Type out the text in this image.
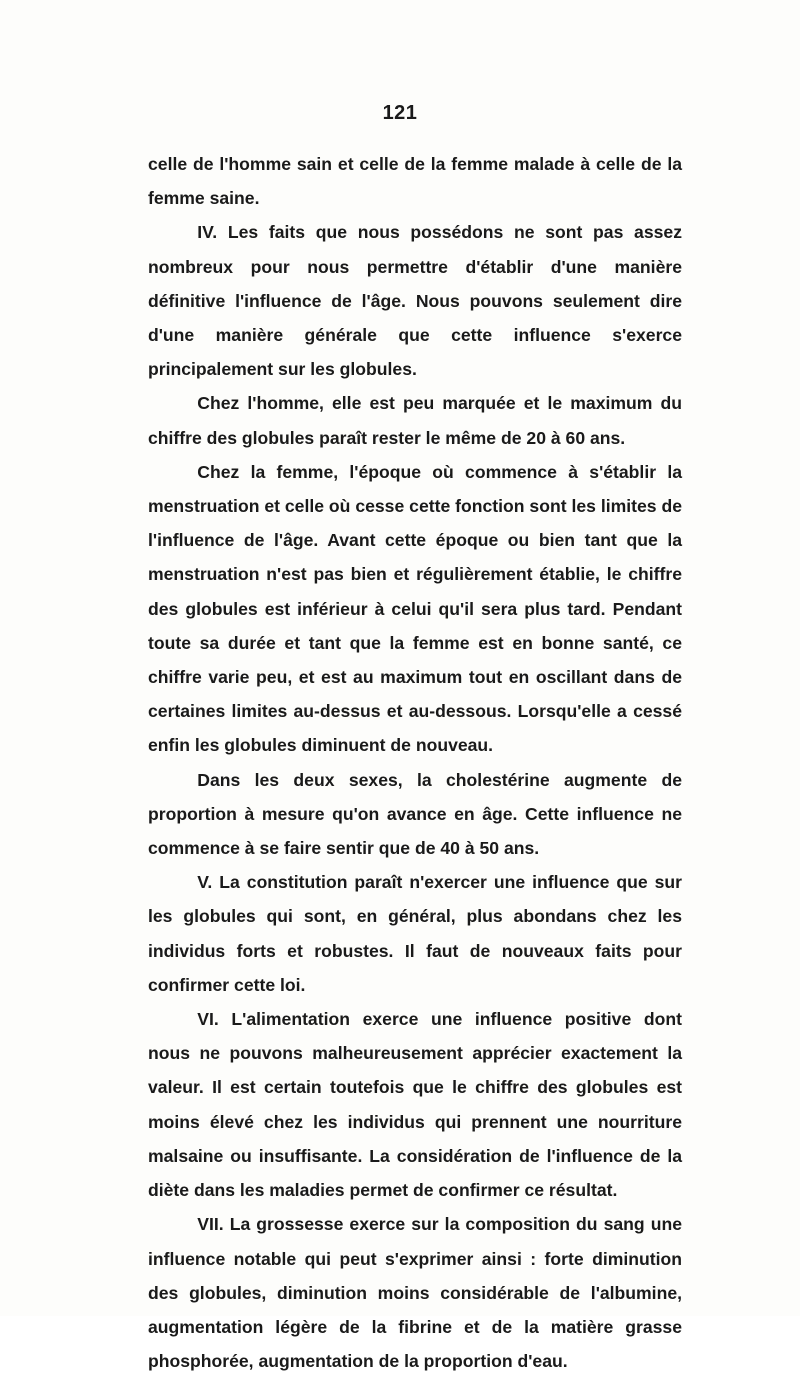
121

celle de l'homme sain et celle de la femme malade à celle de la femme saine.

IV. Les faits que nous possédons ne sont pas assez nombreux pour nous permettre d'établir d'une manière définitive l'influence de l'âge. Nous pouvons seulement dire d'une manière générale que cette influence s'exerce principalement sur les globules.

Chez l'homme, elle est peu marquée et le maximum du chiffre des globules paraît rester le même de 20 à 60 ans.

Chez la femme, l'époque où commence à s'établir la menstruation et celle où cesse cette fonction sont les limites de l'influence de l'âge. Avant cette époque ou bien tant que la menstruation n'est pas bien et régulièrement établie, le chiffre des globules est inférieur à celui qu'il sera plus tard. Pendant toute sa durée et tant que la femme est en bonne santé, ce chiffre varie peu, et est au maximum tout en oscillant dans de certaines limites au-dessus et au-dessous. Lorsqu'elle a cessé enfin les globules diminuent de nouveau.

Dans les deux sexes, la cholestérine augmente de proportion à mesure qu'on avance en âge. Cette influence ne commence à se faire sentir que de 40 à 50 ans.

V. La constitution paraît n'exercer une influence que sur les globules qui sont, en général, plus abondans chez les individus forts et robustes. Il faut de nouveaux faits pour confirmer cette loi.

VI. L'alimentation exerce une influence positive dont nous ne pouvons malheureusement apprécier exactement la valeur. Il est certain toutefois que le chiffre des globules est moins élevé chez les individus qui prennent une nourriture malsaine ou insuffisante. La considération de l'influence de la diète dans les maladies permet de confirmer ce résultat.

VII. La grossesse exerce sur la composition du sang une influence notable qui peut s'exprimer ainsi : forte diminution des globules, diminution moins considérable de l'albumine, augmentation légère de la fibrine et de la matière grasse phosphorée, augmentation de la proportion d'eau.
